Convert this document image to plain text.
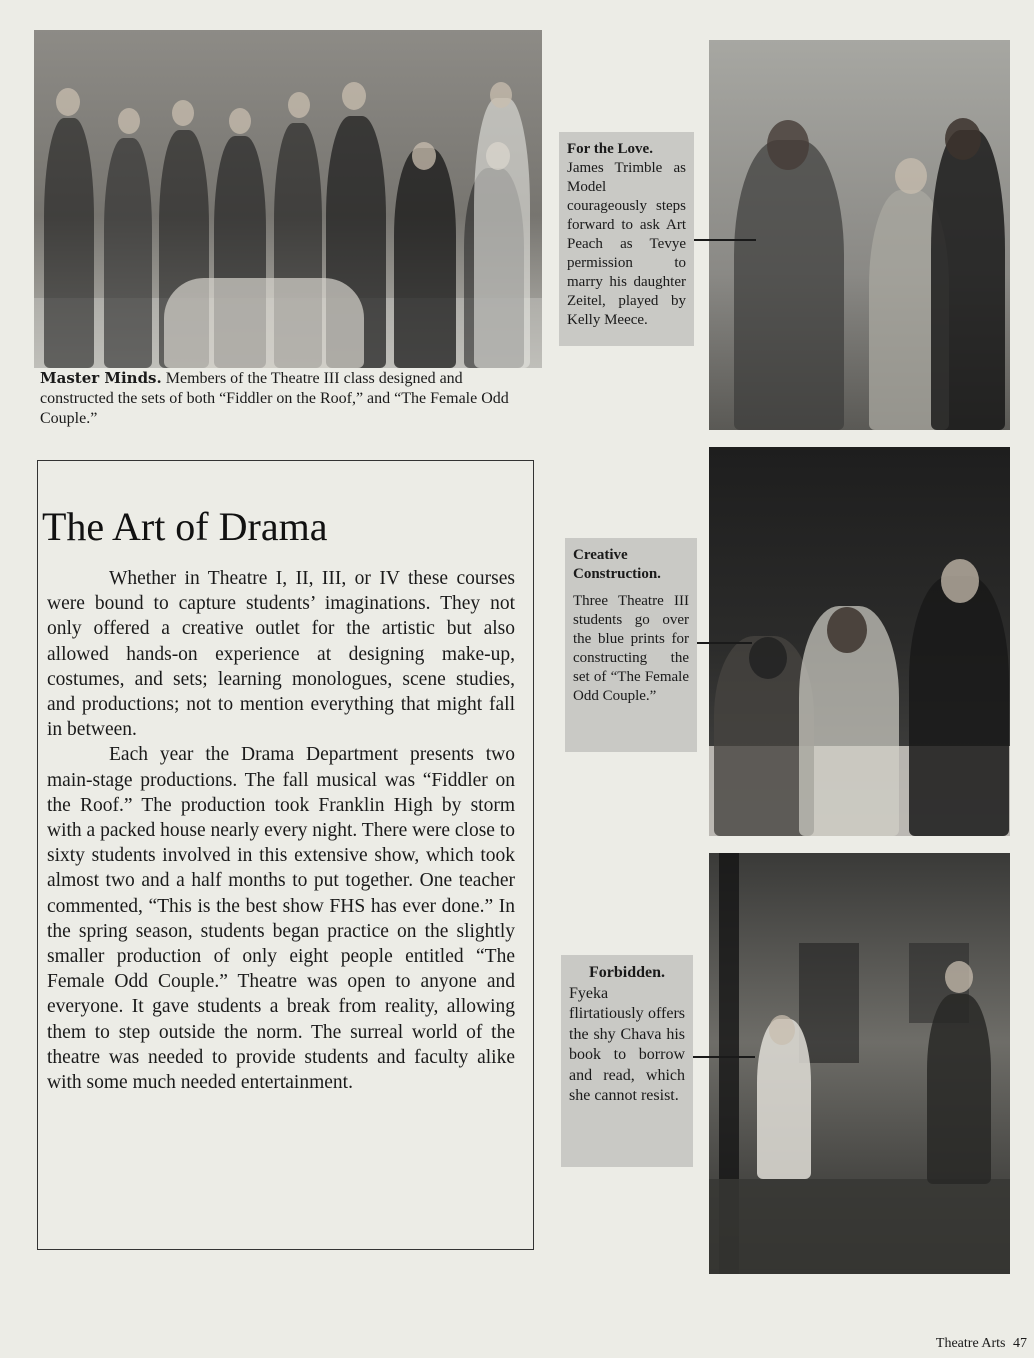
Master Minds. Members of the Theatre III class designed and constructed the sets of both “Fiddler on the Roof,” and “The Female Odd Couple.”
For the Love.
James Trimble as Model courageously steps forward to ask Art Peach as Tevye permission to marry his daughter Zeitel, played by Kelly Meece.
Creative Construction.
Three Theatre III students go over the blue prints for constructing the set of “The Female Odd Couple.”
Forbidden.
Fyeka flirtatiously offers the shy Chava his book to borrow and read, which she cannot resist.
The Art of Drama

Whether in Theatre I, II, III, or IV these courses were bound to capture students’ imaginations. They not only offered a creative outlet for the artistic but also allowed hands-on experience at designing make-up, costumes, and sets; learning monologues, scene studies, and productions; not to mention everything that might fall in between.

Each year the Drama Department presents two main-stage productions. The fall musical was “Fiddler on the Roof.” The production took Franklin High by storm with a packed house nearly every night. There were close to sixty students involved in this extensive show, which took almost two and a half months to put together. One teacher commented, “This is the best show FHS has ever done.” In the spring season, students began practice on the slightly smaller production of only eight people entitled “The Female Odd Couple.” Theatre was open to anyone and everyone. It gave students a break from reality, allowing them to step outside the norm. The surreal world of the theatre was needed to provide students and faculty alike with some much needed entertainment.

Theatre Arts 47
